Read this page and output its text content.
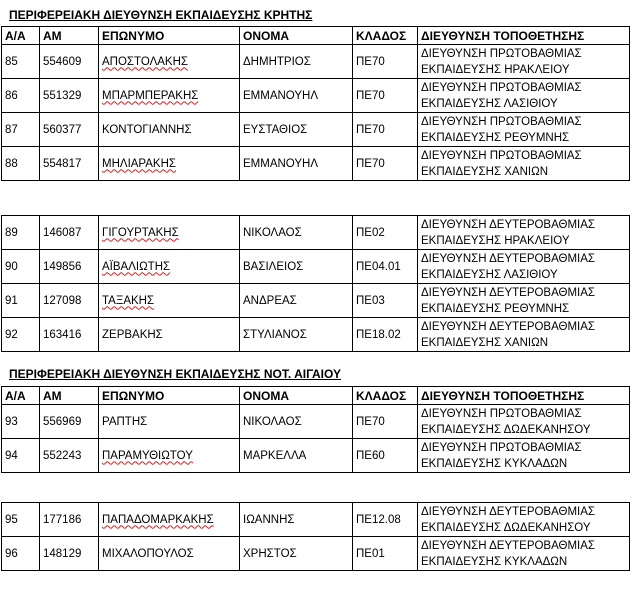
ΠΕΡΙΦΕΡΕΙΑΚΗ ΔΙΕΥΘΥΝΣΗ ΕΚΠΑΙΔΕΥΣΗΣ ΚΡΗΤΗΣ
Α/Α	ΑΜ	ΕΠΩΝΥΜΟ	ΟΝΟΜΑ	ΚΛΑΔΟΣ	ΔΙΕΥΘΥΝΣΗ ΤΟΠΟΘΕΤΗΣΗΣ
85	554609	ΑΠΟΣΤΟΛΑΚΗΣ	ΔΗΜΗΤΡΙΟΣ	ΠΕ70	ΔΙΕΥΘΥΝΣΗ ΠΡΩΤΟΒΑΘΜΙΑΣ
ΕΚΠΑΙΔΕΥΣΗΣ ΗΡΑΚΛΕΙΟΥ

86	551329	ΜΠΑΡΜΠΕΡΑΚΗΣ	ΕΜΜΑΝΟΥΗΛ	ΠΕ70	ΔΙΕΥΘΥΝΣΗ ΠΡΩΤΟΒΑΘΜΙΑΣ
ΕΚΠΑΙΔΕΥΣΗΣ ΛΑΣΙΘΙΟΥ

87	560377	ΚΟΝΤΟΓΙΑΝΝΗΣ	ΕΥΣΤΑΘΙΟΣ	ΠΕ70	ΔΙΕΥΘΥΝΣΗ ΠΡΩΤΟΒΑΘΜΙΑΣ
ΕΚΠΑΙΔΕΥΣΗΣ ΡΕΘΥΜΝΗΣ

88	554817	ΜΗΛΙΑΡΑΚΗΣ	ΕΜΜΑΝΟΥΗΛ	ΠΕ70	ΔΙΕΥΘΥΝΣΗ ΠΡΩΤΟΒΑΘΜΙΑΣ
ΕΚΠΑΙΔΕΥΣΗΣ ΧΑΝΙΩΝ
89	146087	ΓΙΓΟΥΡΤΑΚΗΣ	ΝΙΚΟΛΑΟΣ	ΠΕ02	ΔΙΕΥΘΥΝΣΗ ΔΕΥΤΕΡΟΒΑΘΜΙΑΣ
ΕΚΠΑΙΔΕΥΣΗΣ ΗΡΑΚΛΕΙΟΥ

90	149856	ΑΪΒΑΛΙΩΤΗΣ	ΒΑΣΙΛΕΙΟΣ	ΠΕ04.01	ΔΙΕΥΘΥΝΣΗ ΔΕΥΤΕΡΟΒΑΘΜΙΑΣ
ΕΚΠΑΙΔΕΥΣΗΣ ΛΑΣΙΘΙΟΥ

91	127098	ΤΑΞΑΚΗΣ	ΑΝΔΡΕΑΣ	ΠΕ03	ΔΙΕΥΘΥΝΣΗ ΔΕΥΤΕΡΟΒΑΘΜΙΑΣ
ΕΚΠΑΙΔΕΥΣΗΣ ΡΕΘΥΜΝΗΣ

92	163416	ΖΕΡΒΑΚΗΣ	ΣΤΥΛΙΑΝΟΣ	ΠΕ18.02	ΔΙΕΥΘΥΝΣΗ ΔΕΥΤΕΡΟΒΑΘΜΙΑΣ
ΕΚΠΑΙΔΕΥΣΗΣ ΧΑΝΙΩΝ
ΠΕΡΙΦΕΡΕΙΑΚΗ ΔΙΕΥΘΥΝΣΗ ΕΚΠΑΙΔΕΥΣΗΣ ΝΟΤ. ΑΙΓΑΙΟΥ
Α/Α	ΑΜ	ΕΠΩΝΥΜΟ	ΟΝΟΜΑ	ΚΛΑΔΟΣ	ΔΙΕΥΘΥΝΣΗ ΤΟΠΟΘΕΤΗΣΗΣ
93	556969	ΡΑΠΤΗΣ	ΝΙΚΟΛΑΟΣ	ΠΕ70	ΔΙΕΥΘΥΝΣΗ ΠΡΩΤΟΒΑΘΜΙΑΣ
ΕΚΠΑΙΔΕΥΣΗΣ ΔΩΔΕΚΑΝΗΣΟΥ

94	552243	ΠΑΡΑΜΥΘΙΩΤΟΥ	ΜΑΡΚΕΛΛΑ	ΠΕ60	ΔΙΕΥΘΥΝΣΗ ΠΡΩΤΟΒΑΘΜΙΑΣ
ΕΚΠΑΙΔΕΥΣΗΣ ΚΥΚΛΑΔΩΝ
95	177186	ΠΑΠΑΔΟΜΑΡΚΑΚΗΣ	ΙΩΑΝΝΗΣ	ΠΕ12.08	ΔΙΕΥΘΥΝΣΗ ΔΕΥΤΕΡΟΒΑΘΜΙΑΣ
ΕΚΠΑΙΔΕΥΣΗΣ ΔΩΔΕΚΑΝΗΣΟΥ

96	148129	ΜΙΧΑΛΟΠΟΥΛΟΣ	ΧΡΗΣΤΟΣ	ΠΕ01	ΔΙΕΥΘΥΝΣΗ ΔΕΥΤΕΡΟΒΑΘΜΙΑΣ
ΕΚΠΑΙΔΕΥΣΗΣ ΚΥΚΛΑΔΩΝ
